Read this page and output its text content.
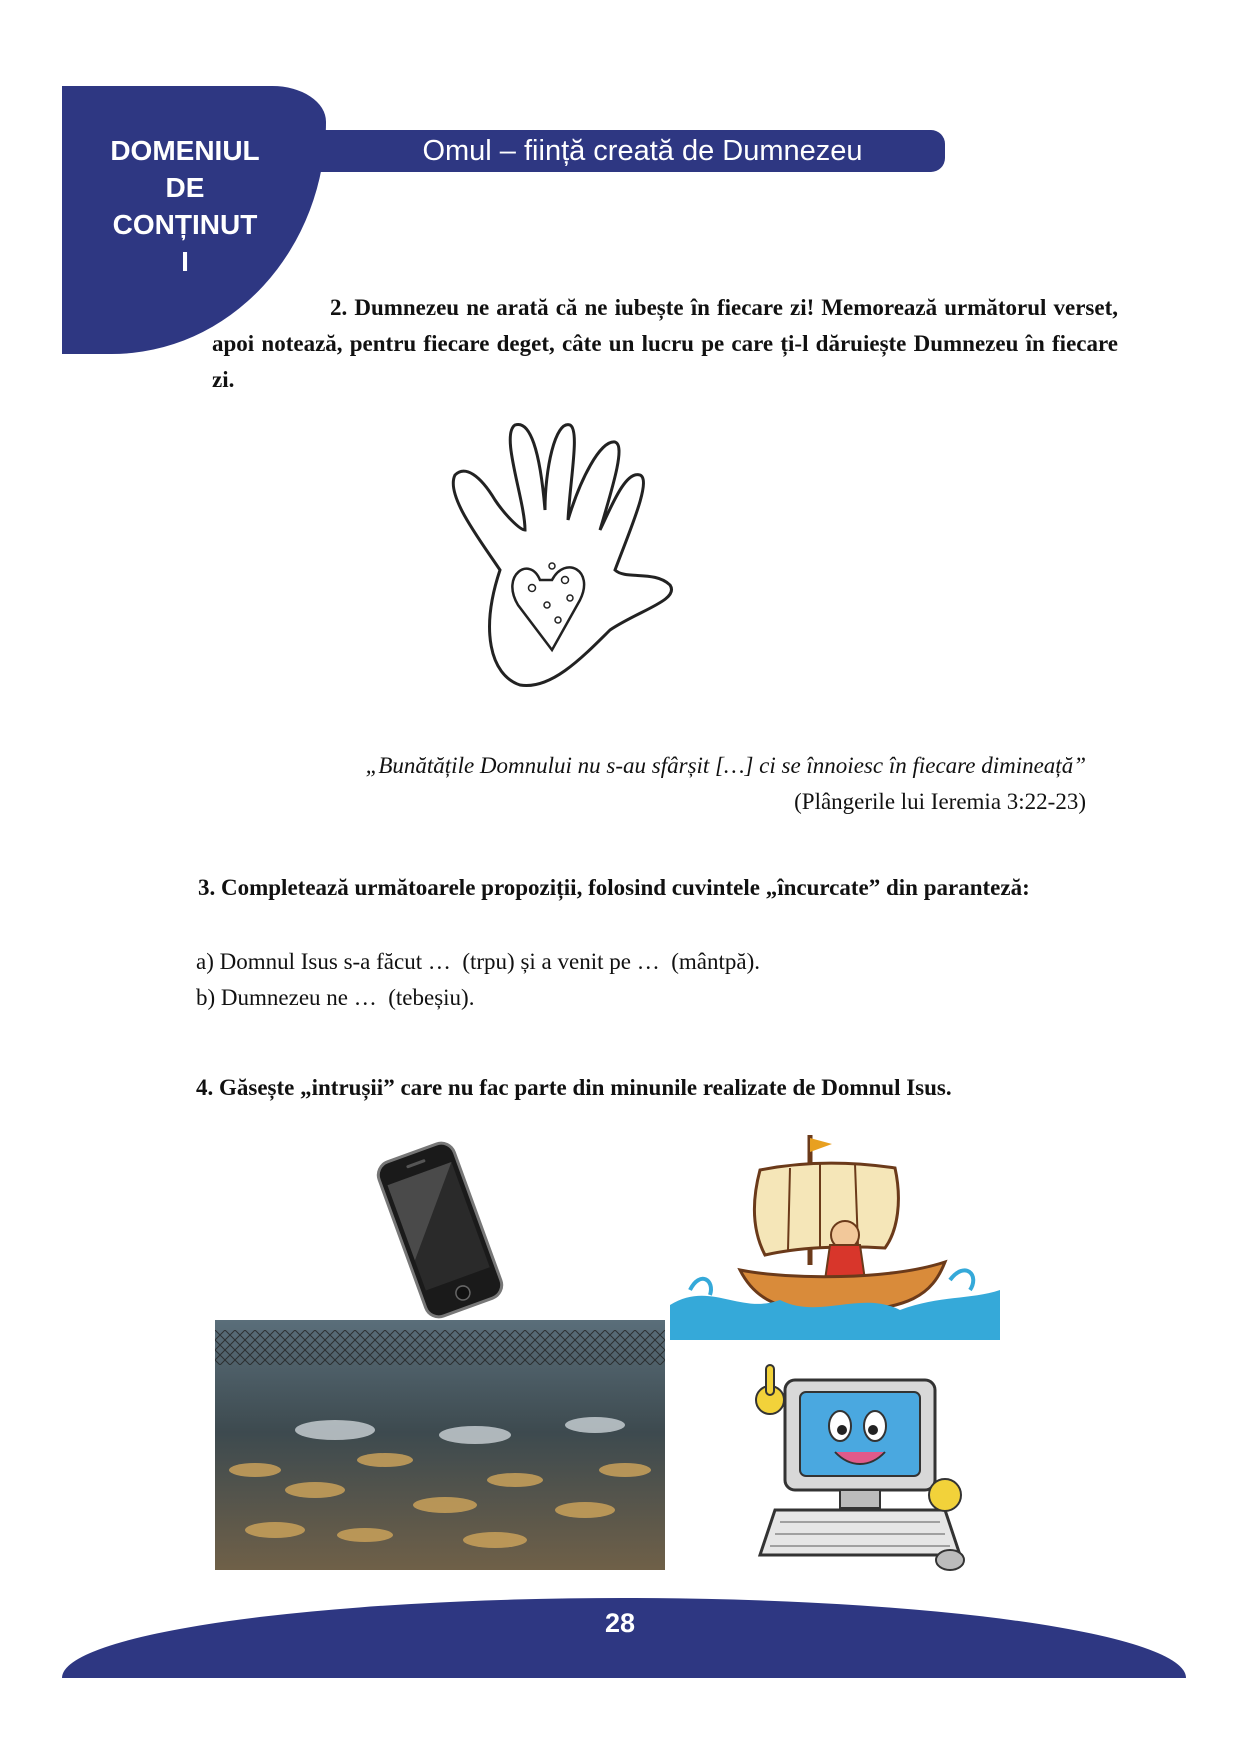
DOMENIUL
DE
CONȚINUT
I
Omul – ființă creată de Dumnezeu
2. Dumnezeu ne arată că ne iubește în fiecare zi! Memorează următorul verset, apoi notează, pentru fiecare deget, câte un lucru pe care ți-l dăruiește Dumnezeu în fiecare zi.
„Bunătățile Domnului nu s-au sfârșit […] ci se înnoiesc în fiecare dimineață”
(Plângerile lui Ieremia 3:22-23)
3. Completează următoarele propoziții, folosind cuvintele „încurcate” din paranteză:
a) Domnul Isus s-a făcut …  (trpu) și a venit pe …  (mântpă).
b) Dumnezeu ne …  (tebeșiu).
4. Găsește „intrușii” care nu fac parte din minunile realizate de Domnul Isus.
28
